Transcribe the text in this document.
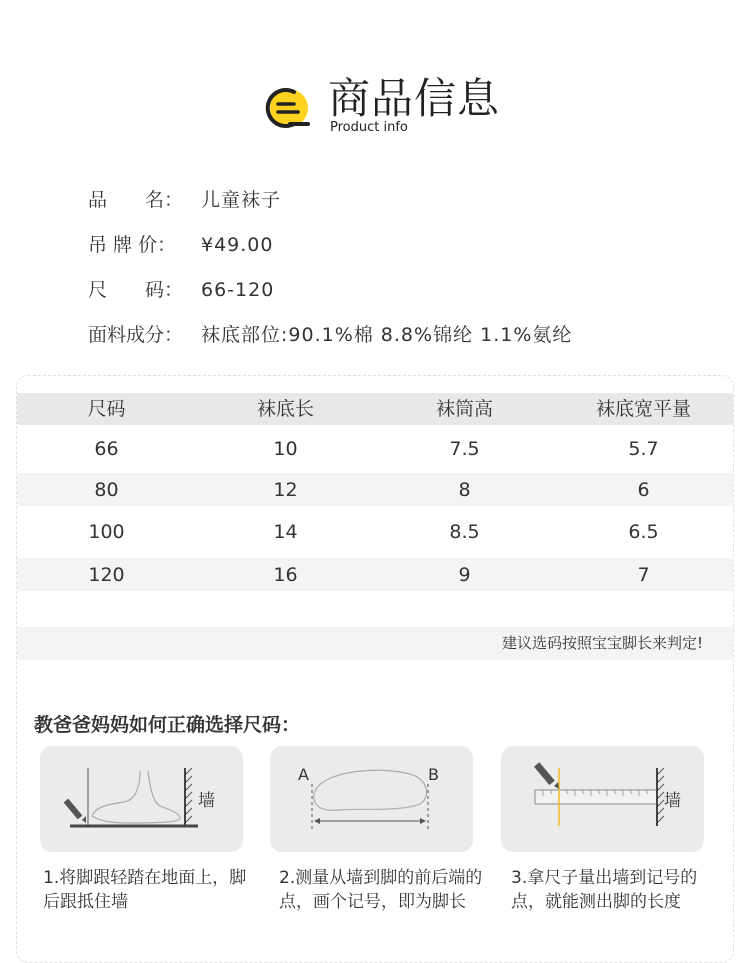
商品信息
Product info
品　　名： 儿童袜子
吊 牌 价：	¥49.00
尺　　码： 66-120
面料成分： 袜底部位:90.1%棉 8.8%锦纶 1.1%氨纶
尺码	袜底长	袜筒高	袜底宽平量
66	10	7.5	5.7
80	12	8	6
100	14	8.5	6.5
120	16	9	7
建议选码按照宝宝脚长来判定!
教爸爸妈妈如何正确选择尺码：
墙
A	B
墙
1.将脚跟轻踏在地面上，脚后跟抵住墙
2.测量从墙到脚的前后端的点，画个记号，即为脚长
3.拿尺子量出墙到记号的点，就能测出脚的长度
